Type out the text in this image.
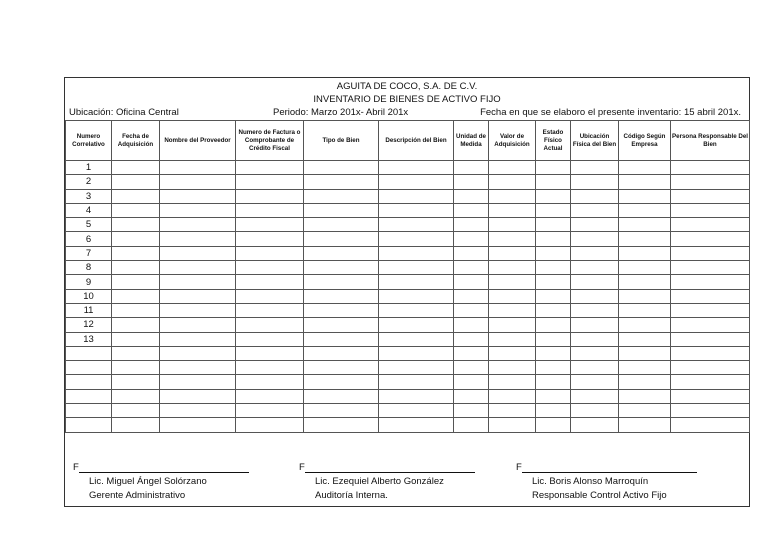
AGUITA DE COCO, S.A. DE C.V.
INVENTARIO DE BIENES DE ACTIVO FIJO
Ubicación: Oficina Central	Periodo: Marzo 201x- Abril 201x	Fecha en que se elaboro el presente inventario: 15 abril 201x.
Numero Correlativo	Fecha de Adquisición	Nombre del Proveedor	Numero de Factura o Comprobante de Crédito Fiscal	Tipo de Bien	Descripción del Bien	Unidad de Medida	Valor de Adquisición	Estado Físico Actual	Ubicación Física del Bien	Código Según Empresa	Persona Responsable Del Bien
1											
2											
3											
4											
5											
6											
7											
8											
9											
10											
11											
12											
13											

F
Lic. Miguel Ángel Solórzano
Gerente Administrativo
F
Lic. Ezequiel Alberto González
Auditoría Interna.
F
Lic. Boris Alonso Marroquín
Responsable Control Activo Fijo
